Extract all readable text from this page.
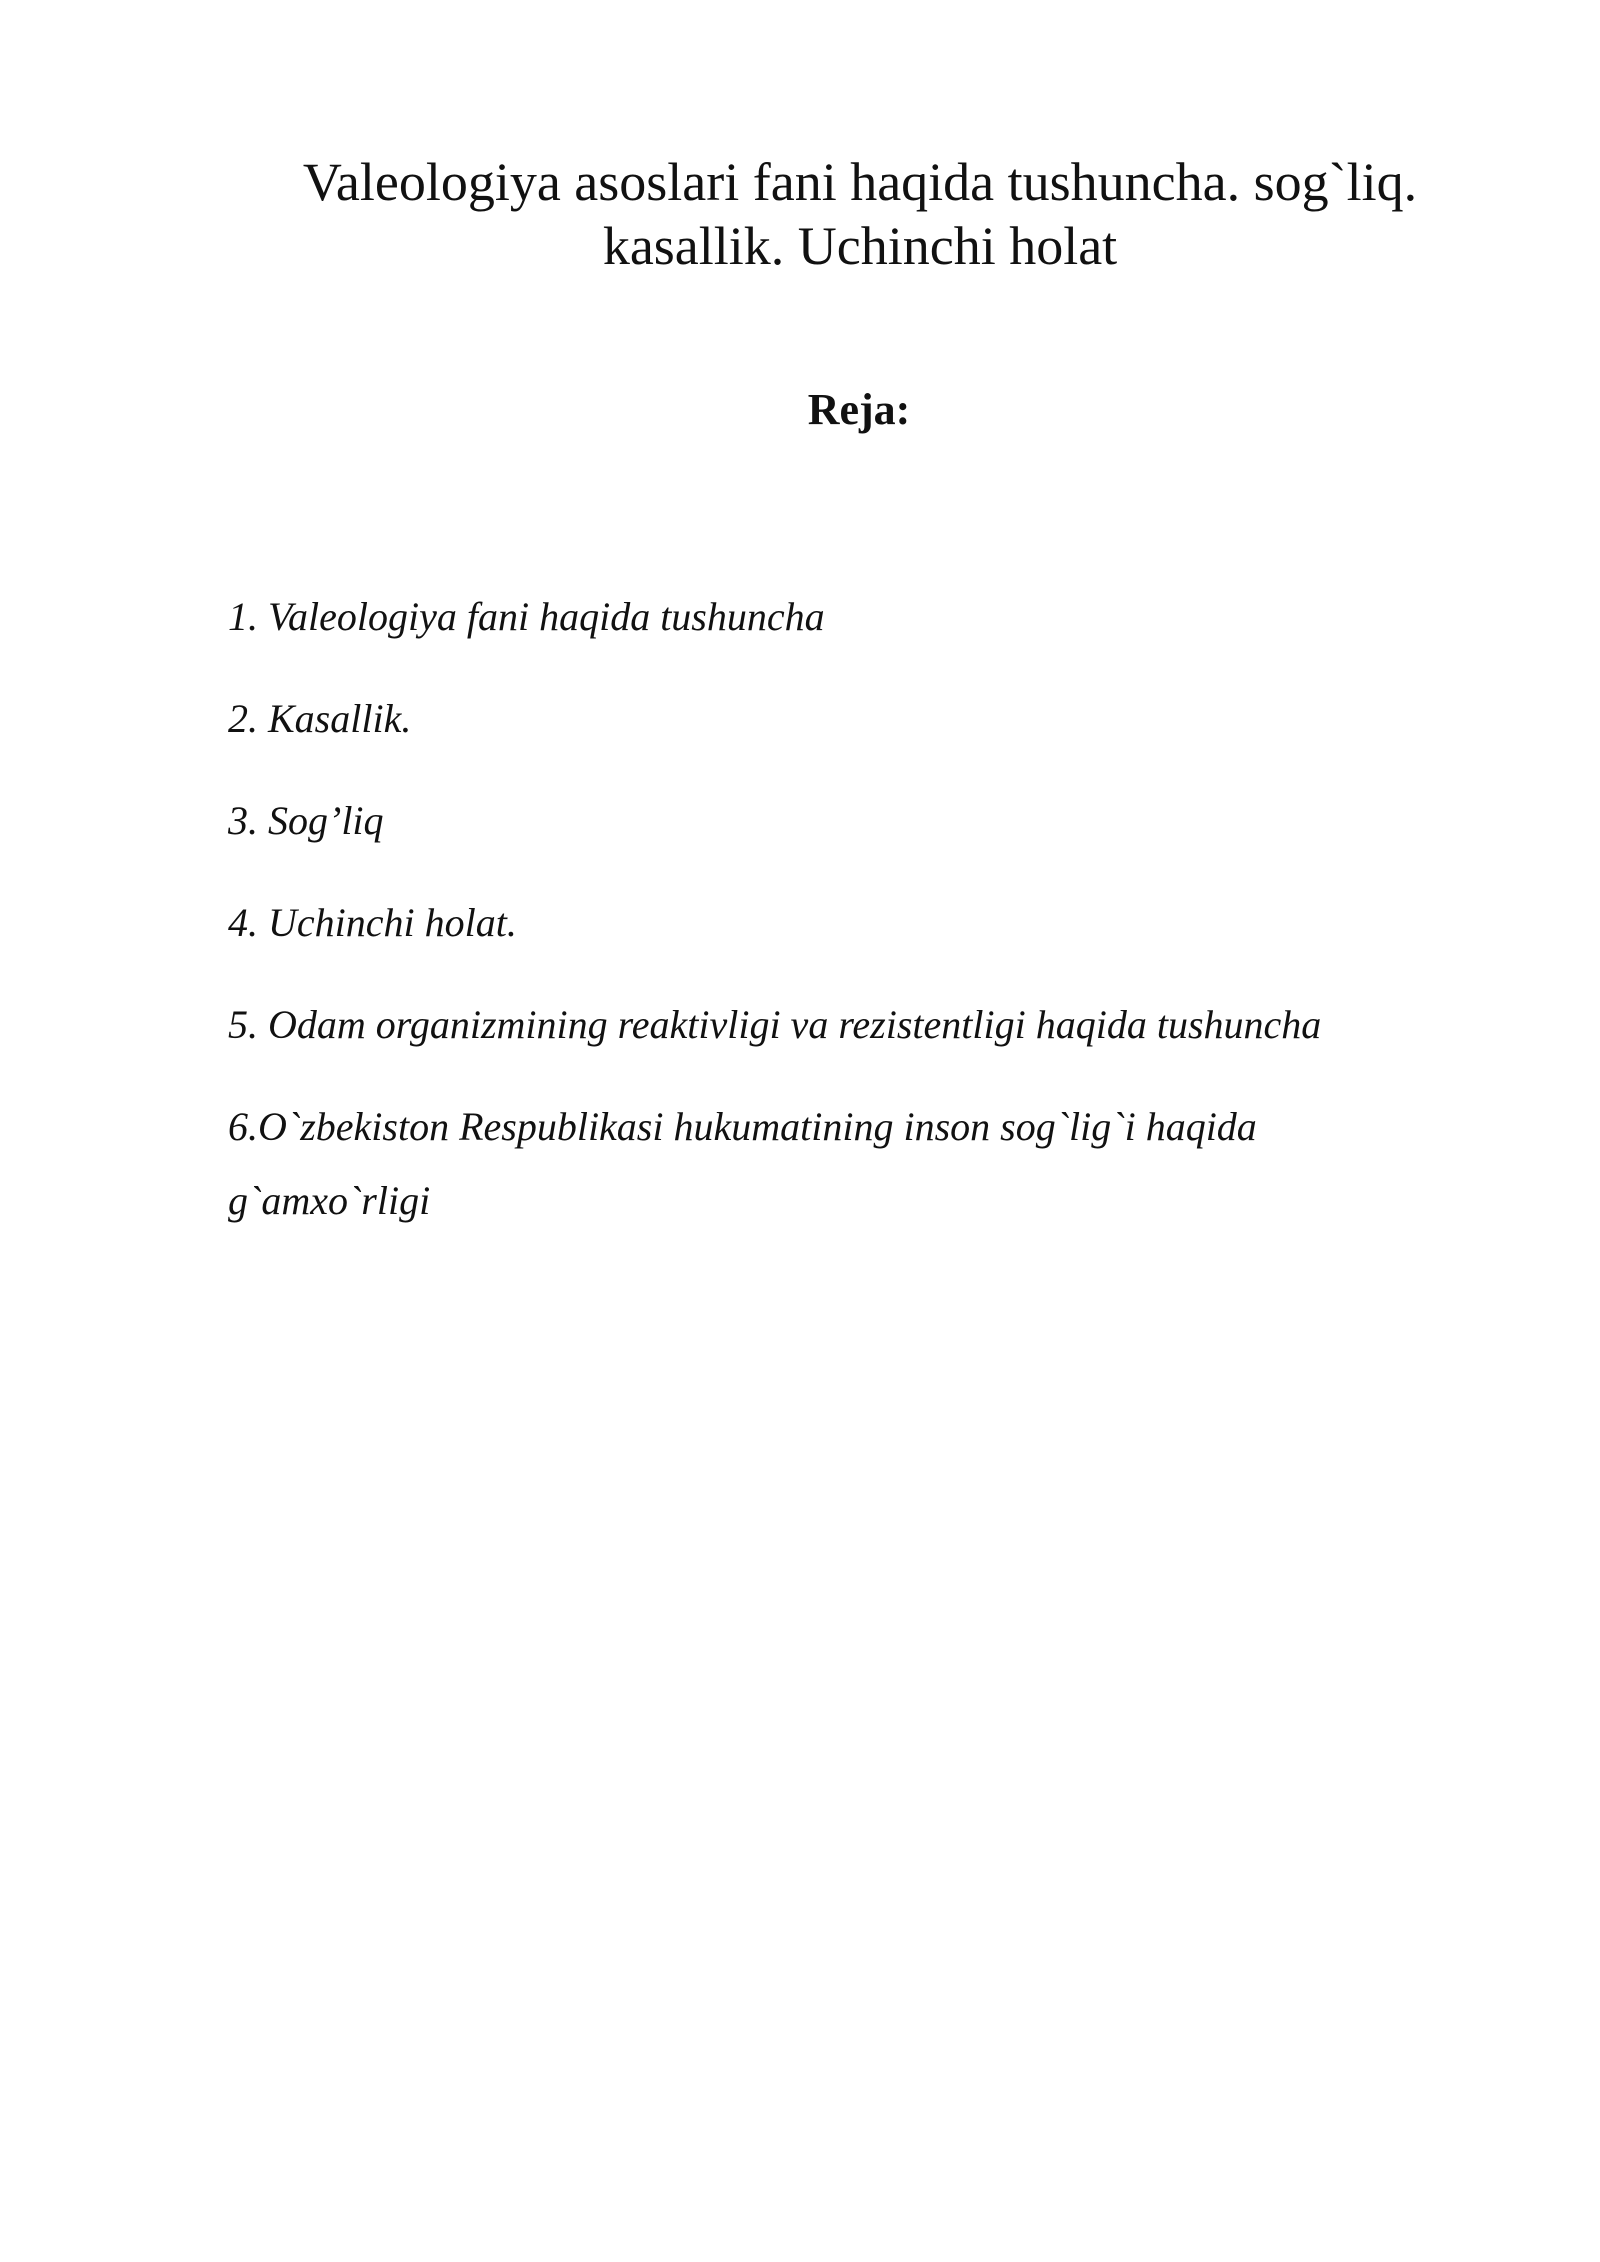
Valeologiya asoslari fani haqida tushuncha. sog`liq.
kasallik. Uchinchi holat
Reja:
1. Valeologiya fani haqida tushuncha
2. Kasallik.
3. Sog’liq
4. Uchinchi holat.
5. Odam organizmining reaktivligi va rezistentligi haqida tushuncha
6.O`zbekiston Respublikasi hukumatining inson sog`lig`i haqida
g`amxo`rligi
